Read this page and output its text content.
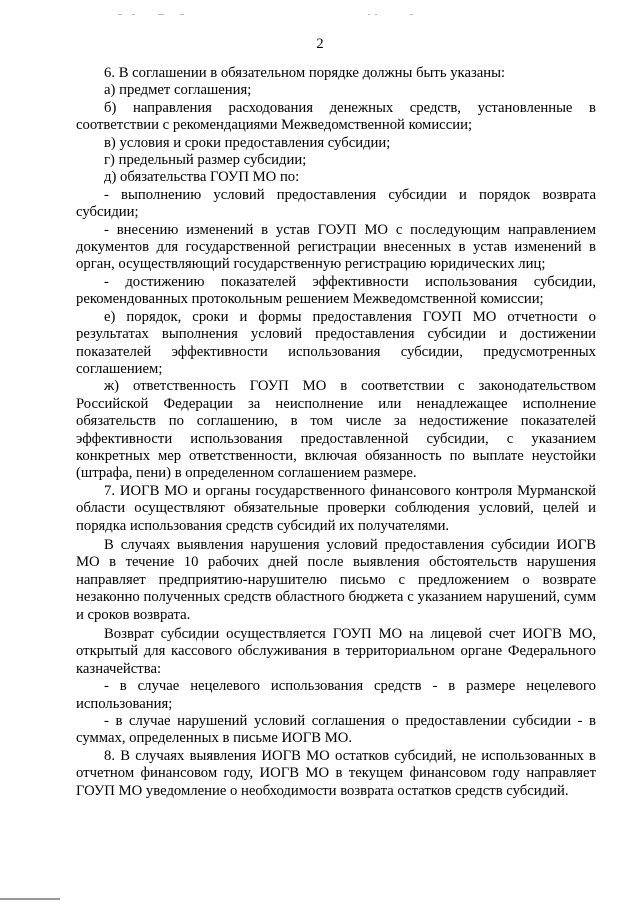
2

6. В соглашении в обязательном порядке должны быть указаны:

а) предмет соглашения;

б) направления расходования денежных средств, установленные в соответствии с рекомендациями Межведомственной комиссии;

в) условия и сроки предоставления субсидии;

г) предельный размер субсидии;

д) обязательства ГОУП МО по:

- выполнению условий предоставления субсидии и порядок возврата субсидии;

- внесению изменений в устав ГОУП МО с последующим направлением документов для государственной регистрации внесенных в устав изменений в орган, осуществляющий государственную регистрацию юридических лиц;

- достижению показателей эффективности использования субсидии, рекомендованных протокольным решением Межведомственной комиссии;

е) порядок, сроки и формы предоставления ГОУП МО отчетности о результатах выполнения условий предоставления субсидии и достижении показателей эффективности использования субсидии, предусмотренных соглашением;

ж) ответственность ГОУП МО в соответствии с законодательством Российской Федерации за неисполнение или ненадлежащее исполнение обязательств по соглашению, в том числе за недостижение показателей эффективности использования предоставленной субсидии, с указанием конкретных мер ответственности, включая обязанность по выплате неустойки (штрафа, пени) в определенном соглашением размере.

7. ИОГВ МО и органы государственного финансового контроля Мурманской области осуществляют обязательные проверки соблюдения условий, целей и порядка использования средств субсидий их получателями.

В случаях выявления нарушения условий предоставления субсидии ИОГВ МО в течение 10 рабочих дней после выявления обстоятельств нарушения направляет предприятию-нарушителю письмо с предложением о возврате незаконно полученных средств областного бюджета с указанием нарушений, сумм и сроков возврата.

Возврат субсидии осуществляется ГОУП МО на лицевой счет ИОГВ МО, открытый для кассового обслуживания в территориальном органе Федерального казначейства:

- в случае нецелевого использования средств - в размере нецелевого использования;

- в случае нарушений условий соглашения о предоставлении субсидии - в суммах, определенных в письме ИОГВ МО.

8. В случаях выявления ИОГВ МО остатков субсидий, не использованных в отчетном финансовом году, ИОГВ МО в текущем финансовом году направляет ГОУП МО уведомление о необходимости возврата остатков средств субсидий.
